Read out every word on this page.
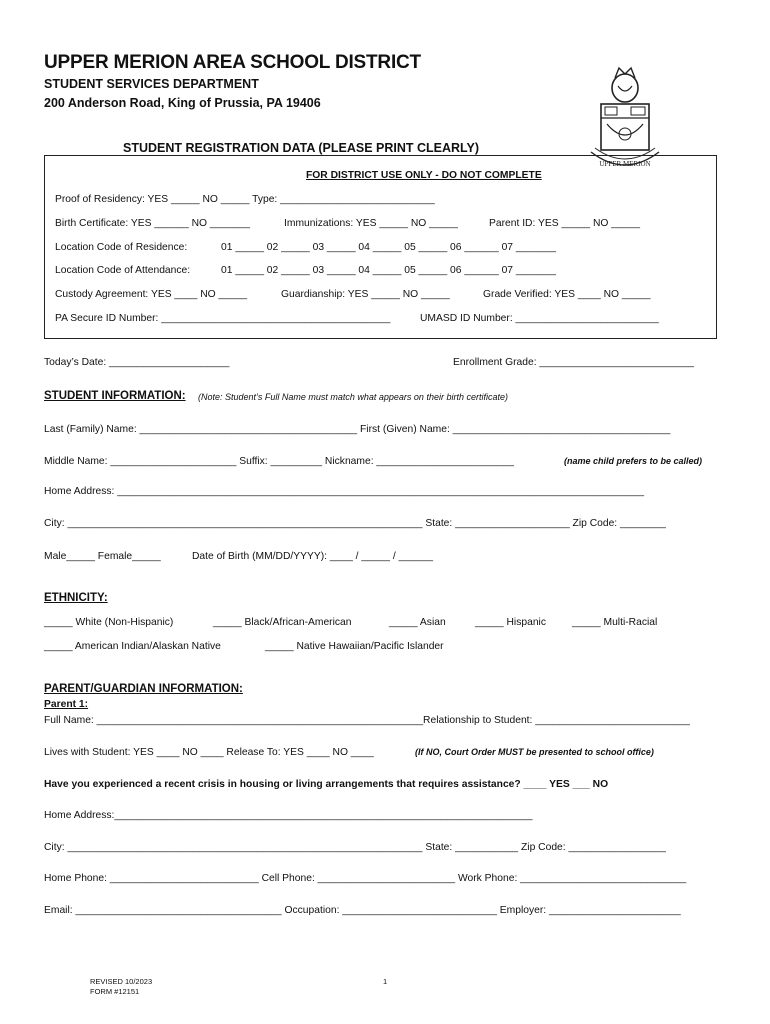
UPPER MERION AREA SCHOOL DISTRICT
STUDENT SERVICES DEPARTMENT
200 Anderson Road, King of Prussia, PA 19406

UPPER MERION

STUDENT REGISTRATION DATA (PLEASE PRINT CLEARLY)
FOR DISTRICT USE ONLY - DO NOT COMPLETE
Proof of Residency: YES _____ NO _____ Type: ___________________________
Birth Certificate: YES ______ NO _______	Immunizations: YES _____ NO _____	Parent ID: YES _____ NO _____
Location Code of Residence:	01 _____ 02 _____ 03 _____ 04 _____ 05 _____ 06 ______ 07 _______
Location Code of Attendance:	01 _____ 02 _____ 03 _____ 04 _____ 05 _____ 06 ______ 07 _______
Custody Agreement: YES ____ NO _____	Guardianship: YES _____ NO _____	Grade Verified: YES ____ NO _____
PA Secure ID Number: ________________________________________	UMASD ID Number: _________________________
Today’s Date: _____________________	Enrollment Grade: ___________________________
STUDENT INFORMATION: (Note: Student’s Full Name must match what appears on their birth certificate)
Last (Family) Name: ______________________________________ First (Given) Name: ______________________________________
Middle Name: ______________________ Suffix: _________ Nickname: ________________________	(name child prefers to be called)
Home Address: ____________________________________________________________________________________________
City: ______________________________________________________________ State: ____________________ Zip Code: ________
Male_____ Female_____	Date of Birth (MM/DD/YYYY): ____ / _____ / ______
ETHNICITY:
_____ White (Non-Hispanic)	_____ Black/African-American	_____ Asian	_____ Hispanic	_____ Multi-Racial
_____ American Indian/Alaskan Native	_____ Native Hawaiian/Pacific Islander
PARENT/GUARDIAN INFORMATION:
Parent 1:
Full Name: _________________________________________________________Relationship to Student: ___________________________
Lives with Student: YES ____ NO ____ Release To: YES ____ NO ____	(If NO, Court Order MUST be presented to school office)
Have you experienced a recent crisis in housing or living arrangements that requires assistance? ____ YES ___ NO
Home Address:_________________________________________________________________________
City: ______________________________________________________________ State: ___________ Zip Code: _________________
Home Phone: __________________________ Cell Phone: ________________________ Work Phone: _____________________________
Email: ____________________________________ Occupation: ___________________________ Employer: _______________________
REVISED 10/2023
FORM #12151
1
